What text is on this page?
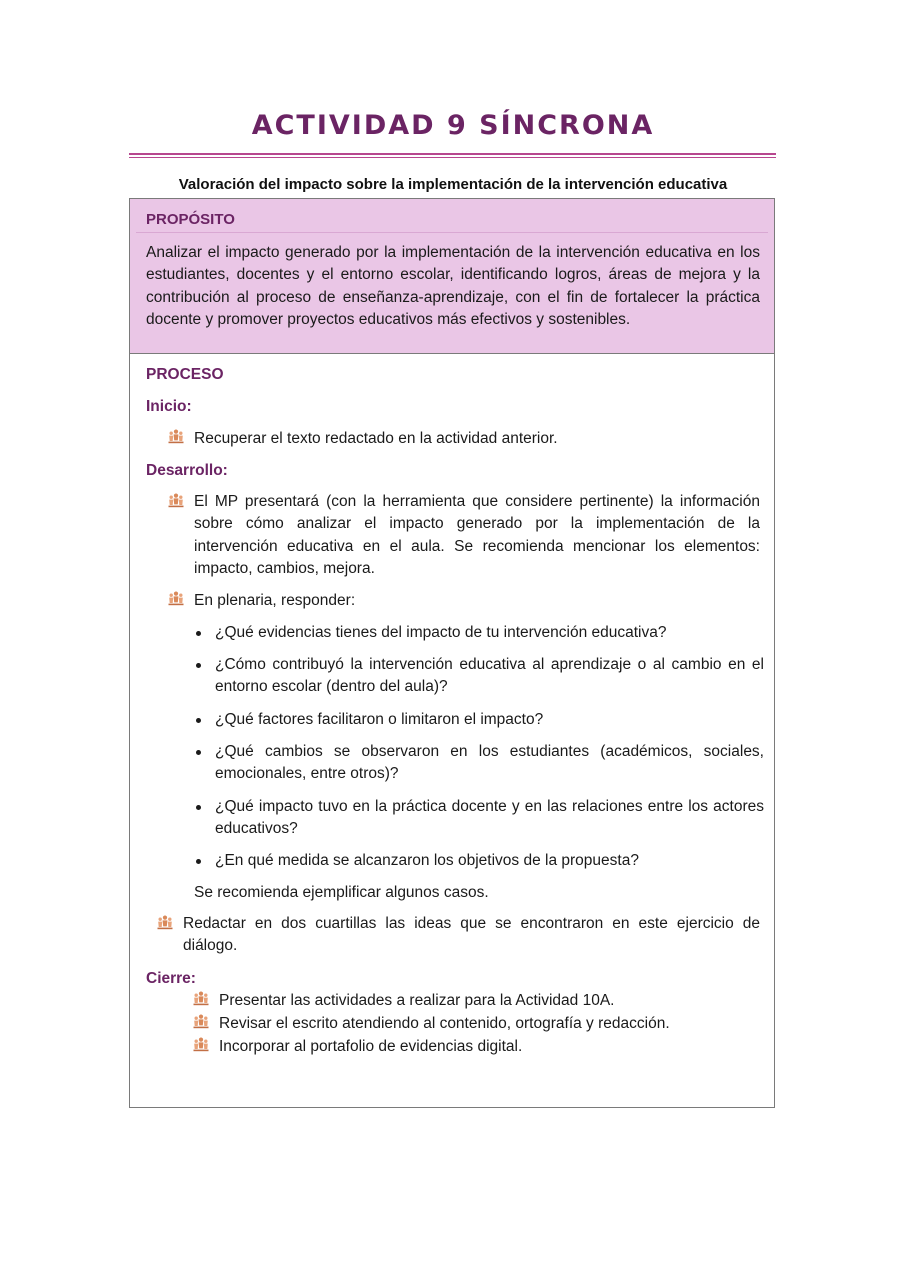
ACTIVIDAD 9 SÍNCRONA
Valoración del impacto sobre la implementación de la intervención educativa
PROPÓSITO
Analizar el impacto generado por la implementación de la intervención educativa en los estudiantes, docentes y el entorno escolar, identificando logros, áreas de mejora y la contribución al proceso de enseñanza-aprendizaje, con el fin de fortalecer la práctica docente y promover proyectos educativos más efectivos y sostenibles.
PROCESO
Inicio:
Recuperar el texto redactado en la actividad anterior.
Desarrollo:
El MP presentará (con la herramienta que considere pertinente) la información sobre cómo analizar el impacto generado por la implementación de la intervención educativa en el aula. Se recomienda mencionar los elementos: impacto, cambios, mejora.
En plenaria, responder:
¿Qué evidencias tienes del impacto de tu intervención educativa?
¿Cómo contribuyó la intervención educativa al aprendizaje o al cambio en el entorno escolar (dentro del aula)?
¿Qué factores facilitaron o limitaron el impacto?
¿Qué cambios se observaron en los estudiantes (académicos, sociales, emocionales, entre otros)?
¿Qué impacto tuvo en la práctica docente y en las relaciones entre los actores educativos?
¿En qué medida se alcanzaron los objetivos de la propuesta?
Se recomienda ejemplificar algunos casos.
Redactar en dos cuartillas las ideas que se encontraron en este ejercicio de diálogo.
Cierre:
Presentar las actividades a realizar para la Actividad 10A.
Revisar el escrito atendiendo al contenido, ortografía y redacción.
Incorporar al portafolio de evidencias digital.
